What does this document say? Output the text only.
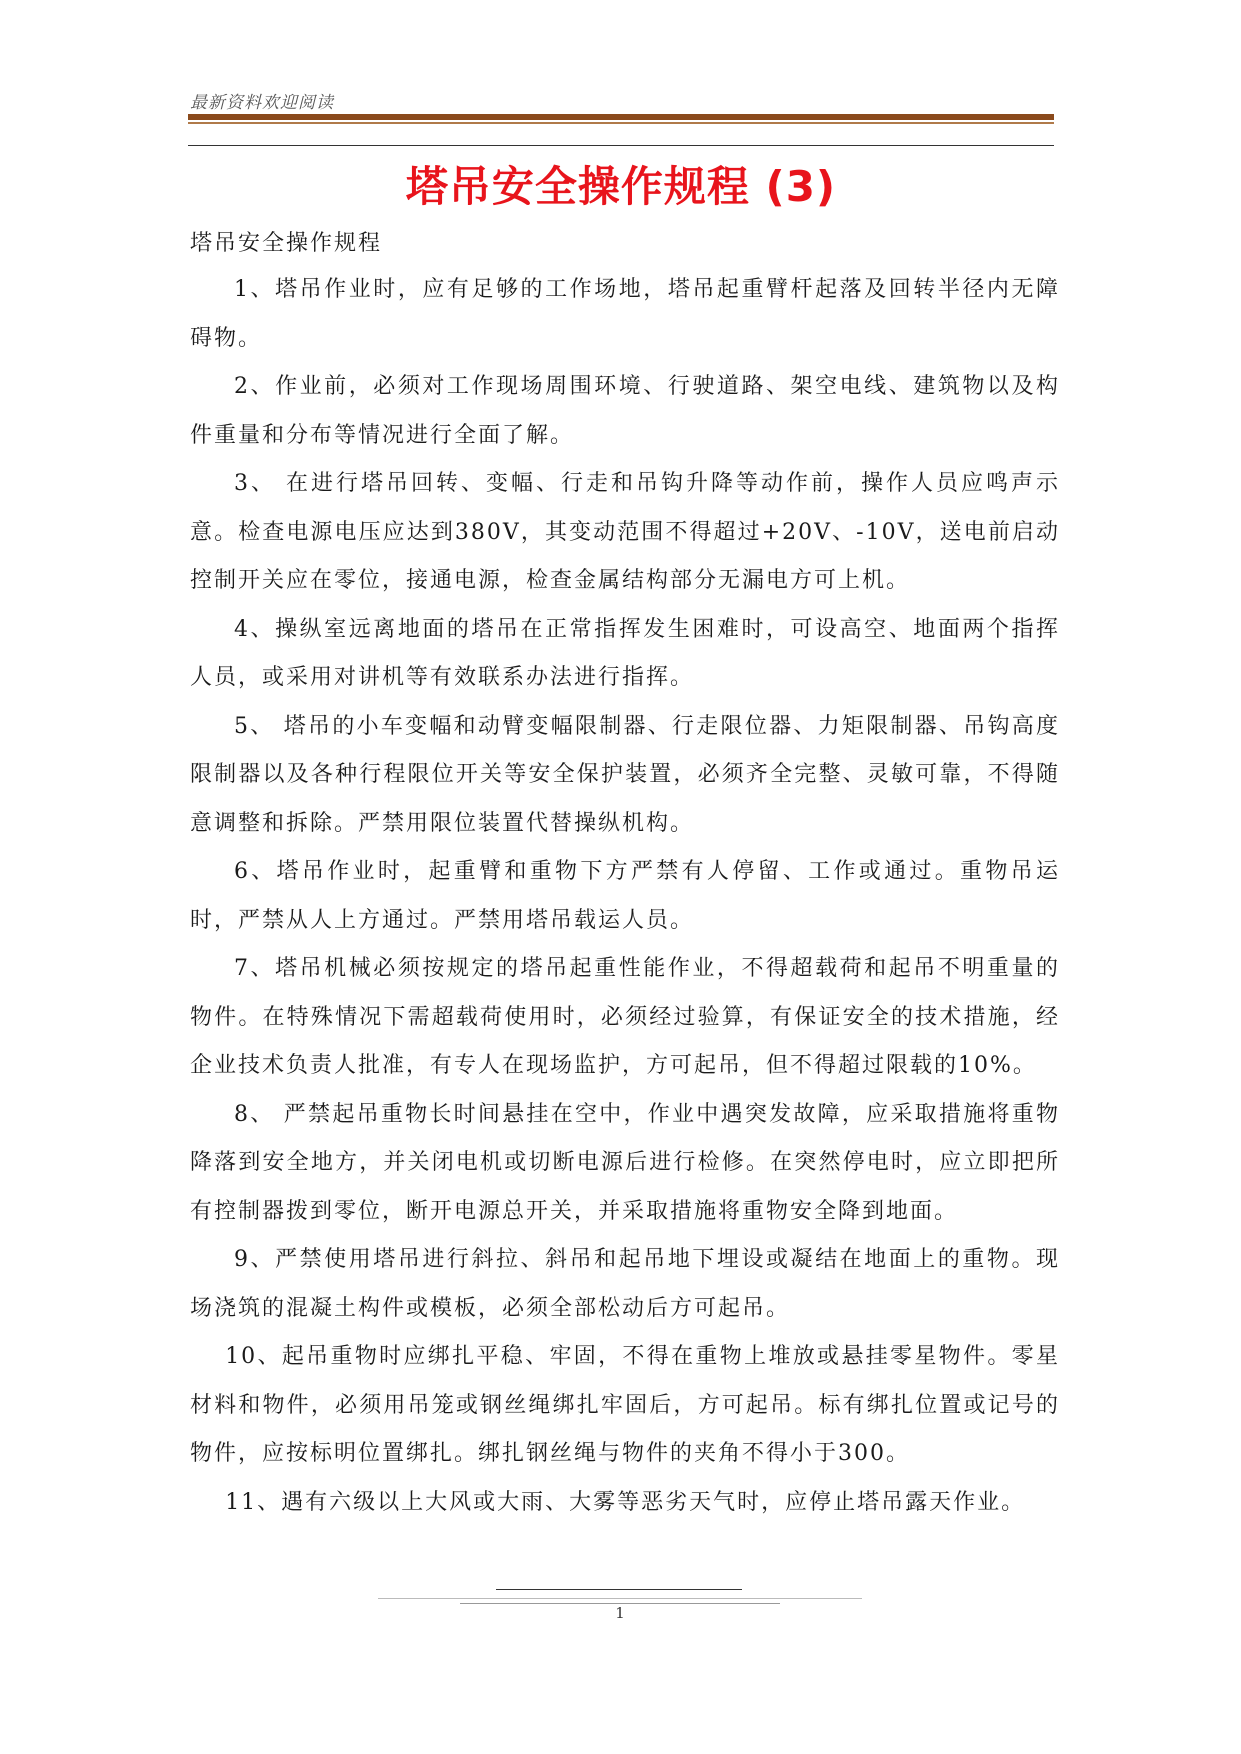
最新资料欢迎阅读
塔吊安全操作规程 (3)
塔吊安全操作规程

1、塔吊作业时，应有足够的工作场地，塔吊起重臂杆起落及回转半径内无障碍物。

2、作业前，必须对工作现场周围环境、行驶道路、架空电线、建筑物以及构件重量和分布等情况进行全面了解。

3、 在进行塔吊回转、变幅、行走和吊钩升降等动作前，操作人员应鸣声示意。检查电源电压应达到380V，其变动范围不得超过+20V、-10V，送电前启动控制开关应在零位，接通电源，检查金属结构部分无漏电方可上机。

4、操纵室远离地面的塔吊在正常指挥发生困难时，可设高空、地面两个指挥人员，或采用对讲机等有效联系办法进行指挥。

5、 塔吊的小车变幅和动臂变幅限制器、行走限位器、力矩限制器、吊钩高度限制器以及各种行程限位开关等安全保护装置，必须齐全完整、灵敏可靠，不得随意调整和拆除。严禁用限位装置代替操纵机构。

6、塔吊作业时，起重臂和重物下方严禁有人停留、工作或通过。重物吊运时，严禁从人上方通过。严禁用塔吊载运人员。

7、塔吊机械必须按规定的塔吊起重性能作业，不得超载荷和起吊不明重量的物件。在特殊情况下需超载荷使用时，必须经过验算，有保证安全的技术措施，经企业技术负责人批准，有专人在现场监护，方可起吊，但不得超过限载的10%。

8、 严禁起吊重物长时间悬挂在空中，作业中遇突发故障，应采取措施将重物降落到安全地方，并关闭电机或切断电源后进行检修。在突然停电时，应立即把所有控制器拨到零位，断开电源总开关，并采取措施将重物安全降到地面。

9、严禁使用塔吊进行斜拉、斜吊和起吊地下埋设或凝结在地面上的重物。现场浇筑的混凝土构件或模板，必须全部松动后方可起吊。

10、起吊重物时应绑扎平稳、牢固，不得在重物上堆放或悬挂零星物件。零星材料和物件，必须用吊笼或钢丝绳绑扎牢固后，方可起吊。标有绑扎位置或记号的物件，应按标明位置绑扎。绑扎钢丝绳与物件的夹角不得小于300。

11、遇有六级以上大风或大雨、大雾等恶劣天气时，应停止塔吊露天作业。

1
